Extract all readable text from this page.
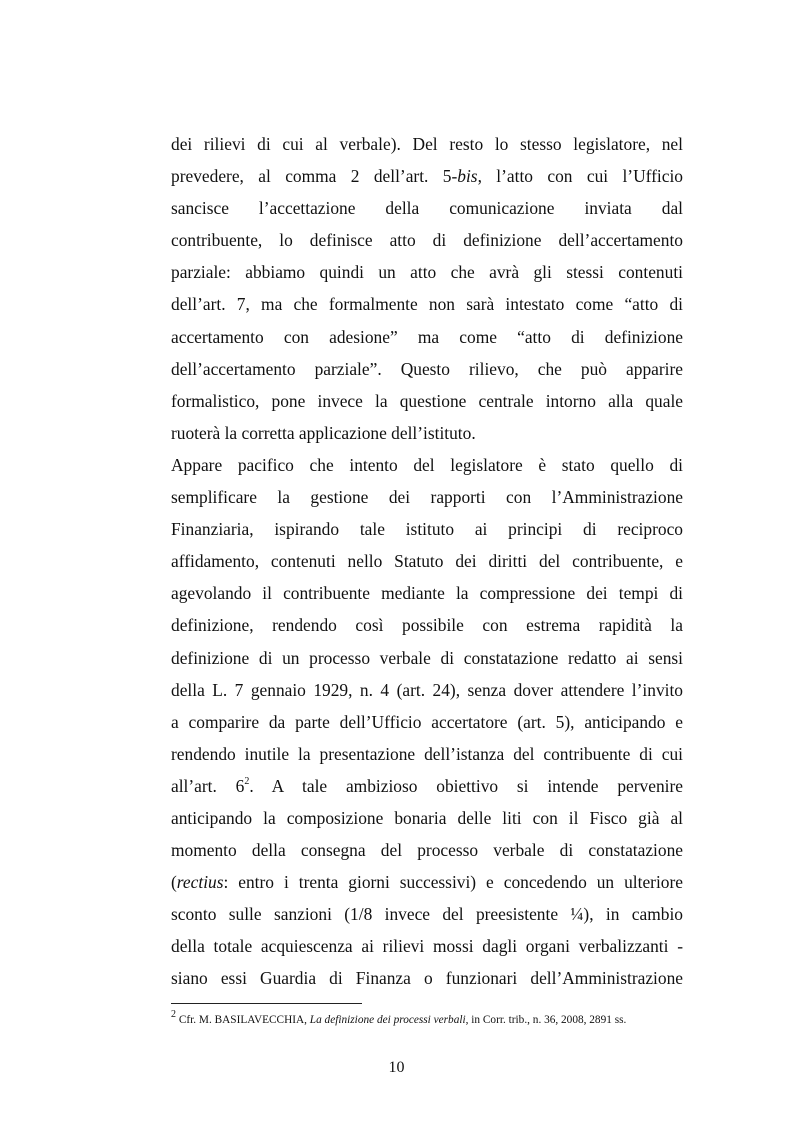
dei rilievi di cui al verbale). Del resto lo stesso legislatore, nel
prevedere, al comma 2 dell’art. 5-bis, l’atto con cui l’Ufficio
sancisce l’accettazione della comunicazione inviata dal
contribuente, lo definisce atto di definizione dell’accertamento
parziale: abbiamo quindi un atto che avrà gli stessi contenuti
dell’art. 7, ma che formalmente non sarà intestato come “atto di
accertamento con adesione” ma come “atto di definizione
dell’accertamento parziale”. Questo rilievo, che può apparire
formalistico, pone invece la questione centrale intorno alla quale
ruoterà la corretta applicazione dell’istituto.
Appare pacifico che intento del legislatore è stato quello di
semplificare la gestione dei rapporti con l’Amministrazione
Finanziaria, ispirando tale istituto ai principi di reciproco
affidamento, contenuti nello Statuto dei diritti del contribuente, e
agevolando il contribuente mediante la compressione dei tempi di
definizione, rendendo così possibile con estrema rapidità la
definizione di un processo verbale di constatazione redatto ai sensi
della L. 7 gennaio 1929, n. 4 (art. 24), senza dover attendere l’invito
a comparire da parte dell’Ufficio accertatore (art. 5), anticipando e
rendendo inutile la presentazione dell’istanza del contribuente di cui
all’art. $6^2$. A tale ambizioso obiettivo si intende pervenire
anticipando la composizione bonaria delle liti con il Fisco già al
momento della consegna del processo verbale di constatazione
(rectius: entro i trenta giorni successivi) e concedendo un ulteriore
sconto sulle sanzioni (1/8 invece del preesistente ¼), in cambio
della totale acquiescenza ai rilievi mossi dagli organi verbalizzanti -
siano essi Guardia di Finanza o funzionari dell’Amministrazione
$^2$ Cfr. M. BASILAVECCHIA, La definizione dei processi verbali, in Corr. trib., n. 36, 2008, 2891 ss.
10
